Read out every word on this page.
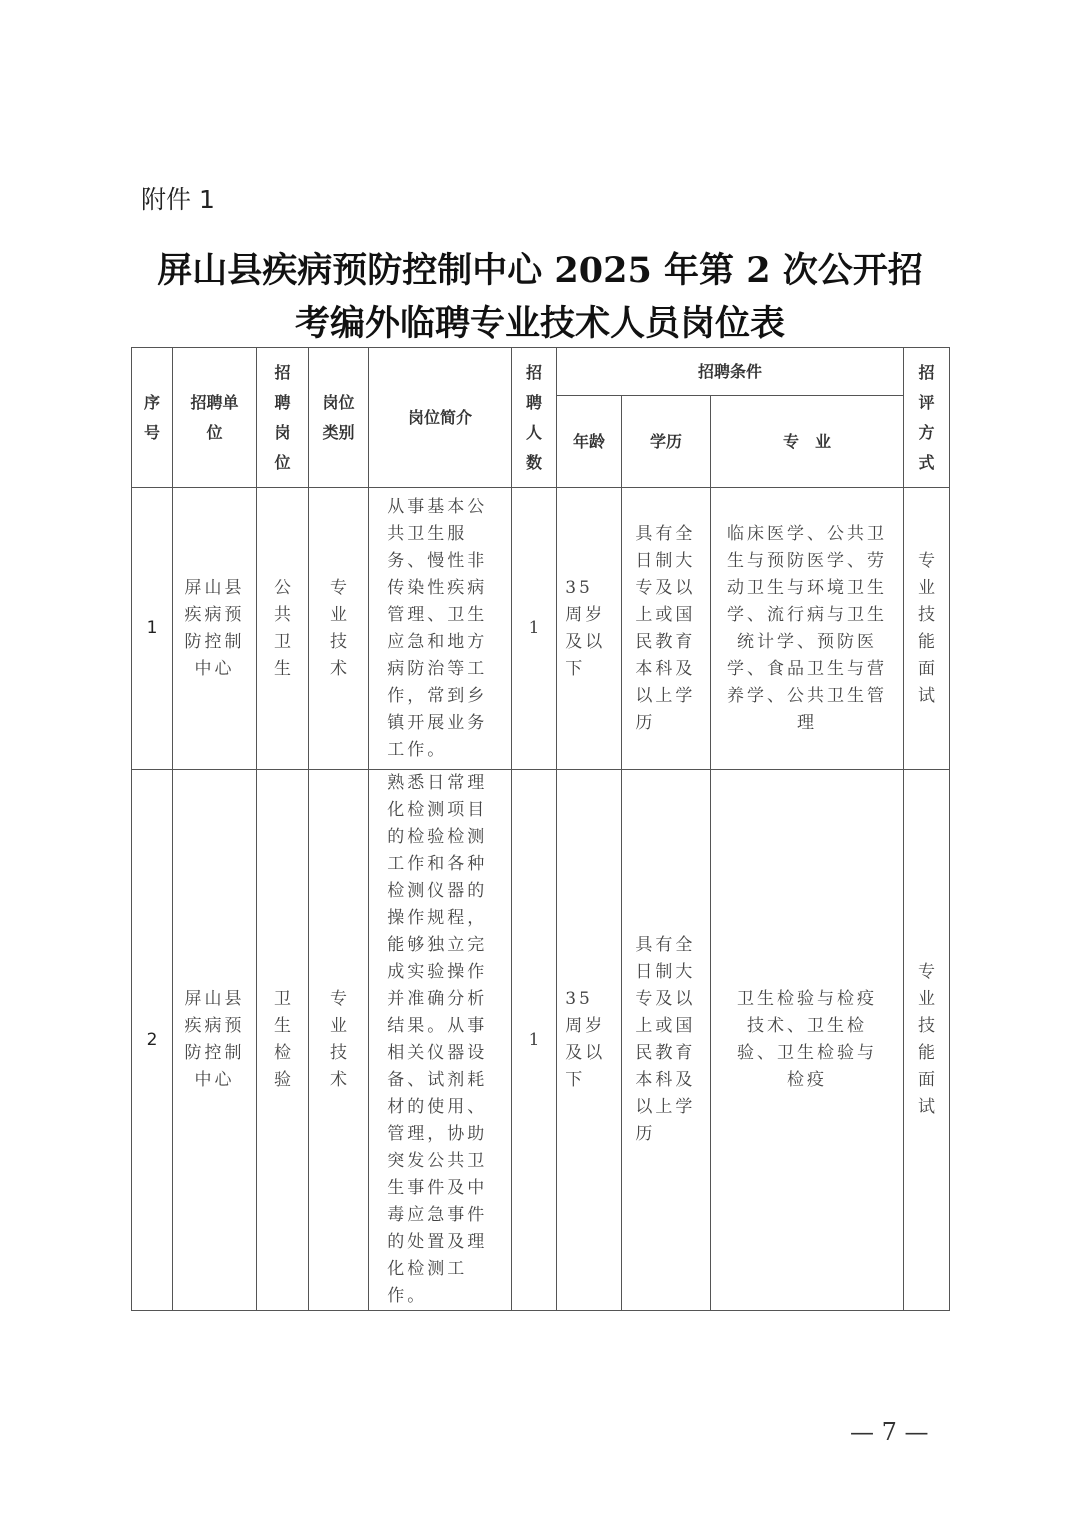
附件 1
屏山县疾病预防控制中心 2025 年第 2 次公开招
考编外临聘专业技术人员岗位表
序号	招聘单位	招聘岗位	岗位类别	岗位简介	招聘人数	招聘条件			招评方式

						年龄	学历	专　业	
1	屏山县疾病预防控制中心	公共卫生	专业技术	从事基本公共卫生服务、慢性非传染性疾病管理、卫生应急和地方病防治等工作，常到乡镇开展业务工作。	1	35周岁及以下	具有全日制大专及以上或国民教育本科及以上学历	临床医学、公共卫生与预防医学、劳动卫生与环境卫生学、流行病与卫生统计学、预防医学、食品卫生与营养学、公共卫生管理	专业技能面试

2	屏山县疾病预防控制中心	卫生检验	专业技术	熟悉日常理化检测项目的检验检测工作和各种检测仪器的操作规程，能够独立完成实验操作并准确分析结果。从事相关仪器设备、试剂耗材的使用、管理，协助突发公共卫生事件及中毒应急事件的处置及理化检测工作。	1	35周岁及以下	具有全日制大专及以上或国民教育本科及以上学历	卫生检验与检疫技术、卫生检验、卫生检验与检疫	专业技能面试
— 7 —
